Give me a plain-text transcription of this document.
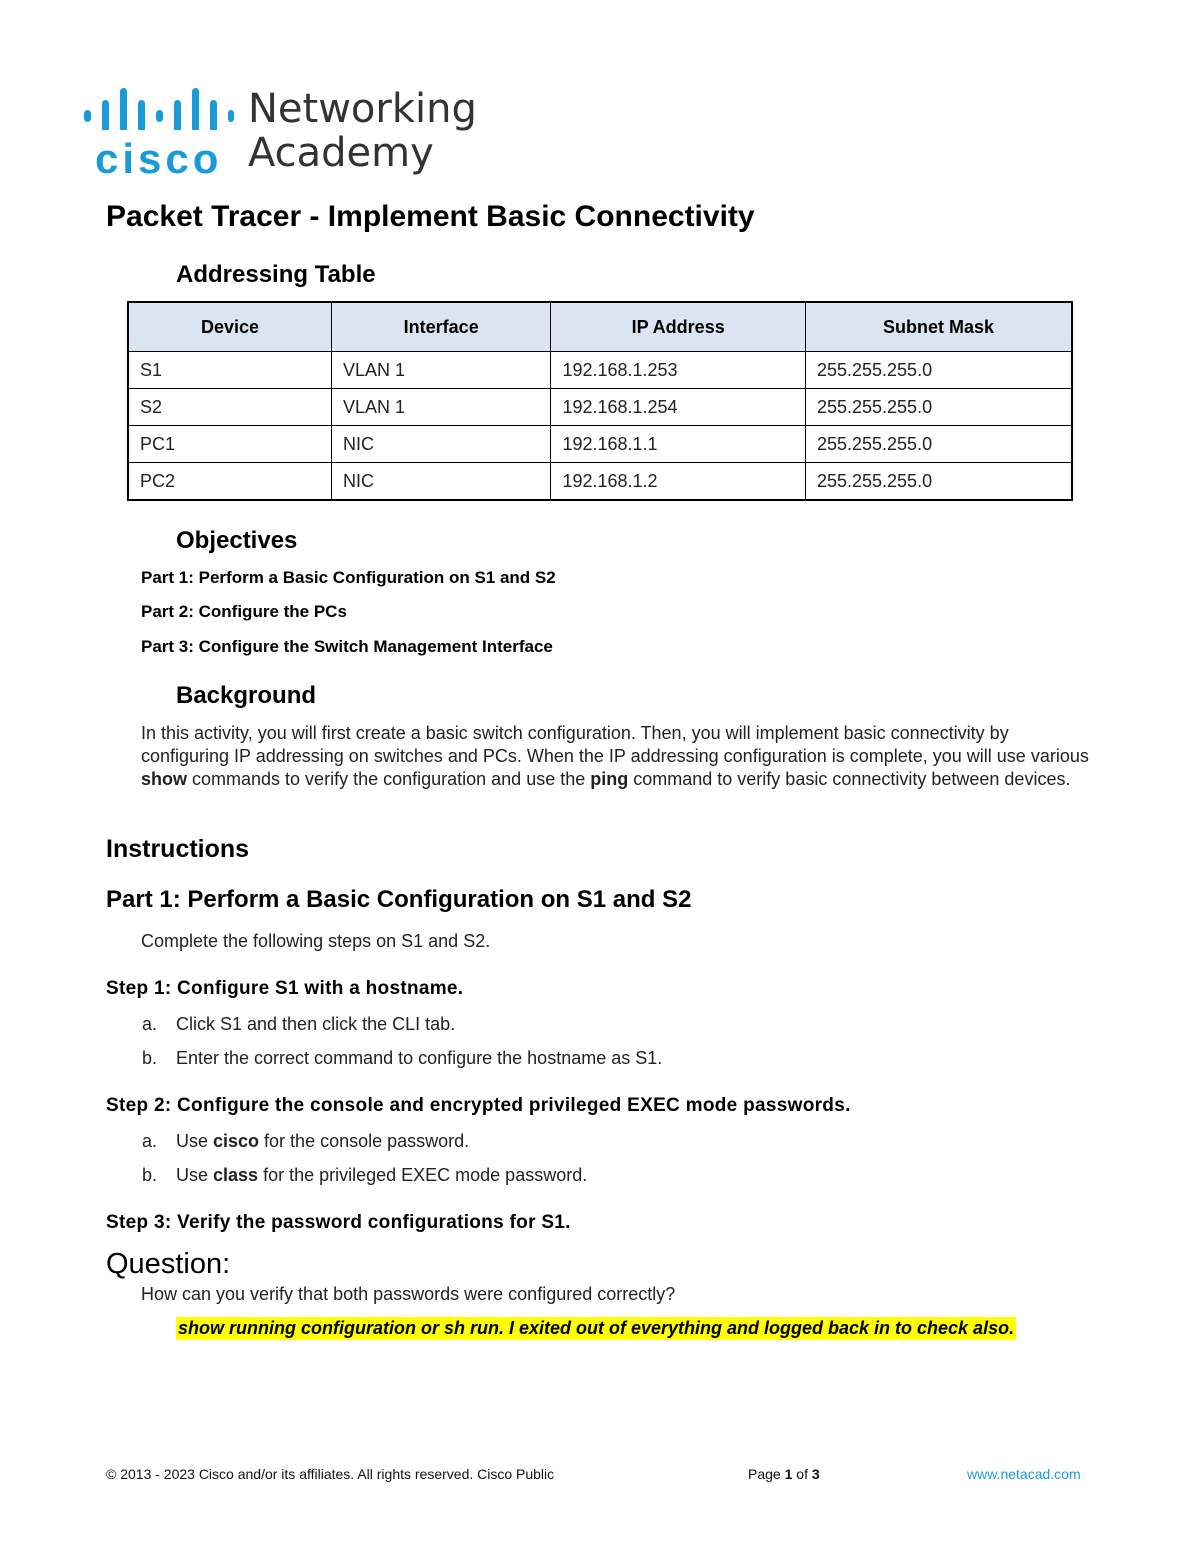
cisco
Networking
Academy
Packet Tracer - Implement Basic Connectivity
Addressing Table
Device	Interface	IP Address	Subnet Mask
S1	VLAN 1	192.168.1.253	255.255.255.0
S2	VLAN 1	192.168.1.254	255.255.255.0
PC1	NIC	192.168.1.1	255.255.255.0
PC2	NIC	192.168.1.2	255.255.255.0
Objectives
Part 1: Perform a Basic Configuration on S1 and S2
Part 2: Configure the PCs
Part 3: Configure the Switch Management Interface
Background
In this activity, you will first create a basic switch configuration. Then, you will implement basic connectivity by configuring IP addressing on switches and PCs. When the IP addressing configuration is complete, you will use various show commands to verify the configuration and use the ping command to verify basic connectivity between devices.
Instructions
Part 1: Perform a Basic Configuration on S1 and S2
Complete the following steps on S1 and S2.
Step 1: Configure S1 with a hostname.
a. Click S1 and then click the CLI tab.
b. Enter the correct command to configure the hostname as S1.
Step 2: Configure the console and encrypted privileged EXEC mode passwords.
a. Use cisco for the console password.
b. Use class for the privileged EXEC mode password.
Step 3: Verify the password configurations for S1.
Question:
How can you verify that both passwords were configured correctly?
show running configuration or sh run. I exited out of everything and logged back in to check also.
© 2013 - 2023 Cisco and/or its affiliates. All rights reserved. Cisco Public	Page 1 of 3	www.netacad.com
